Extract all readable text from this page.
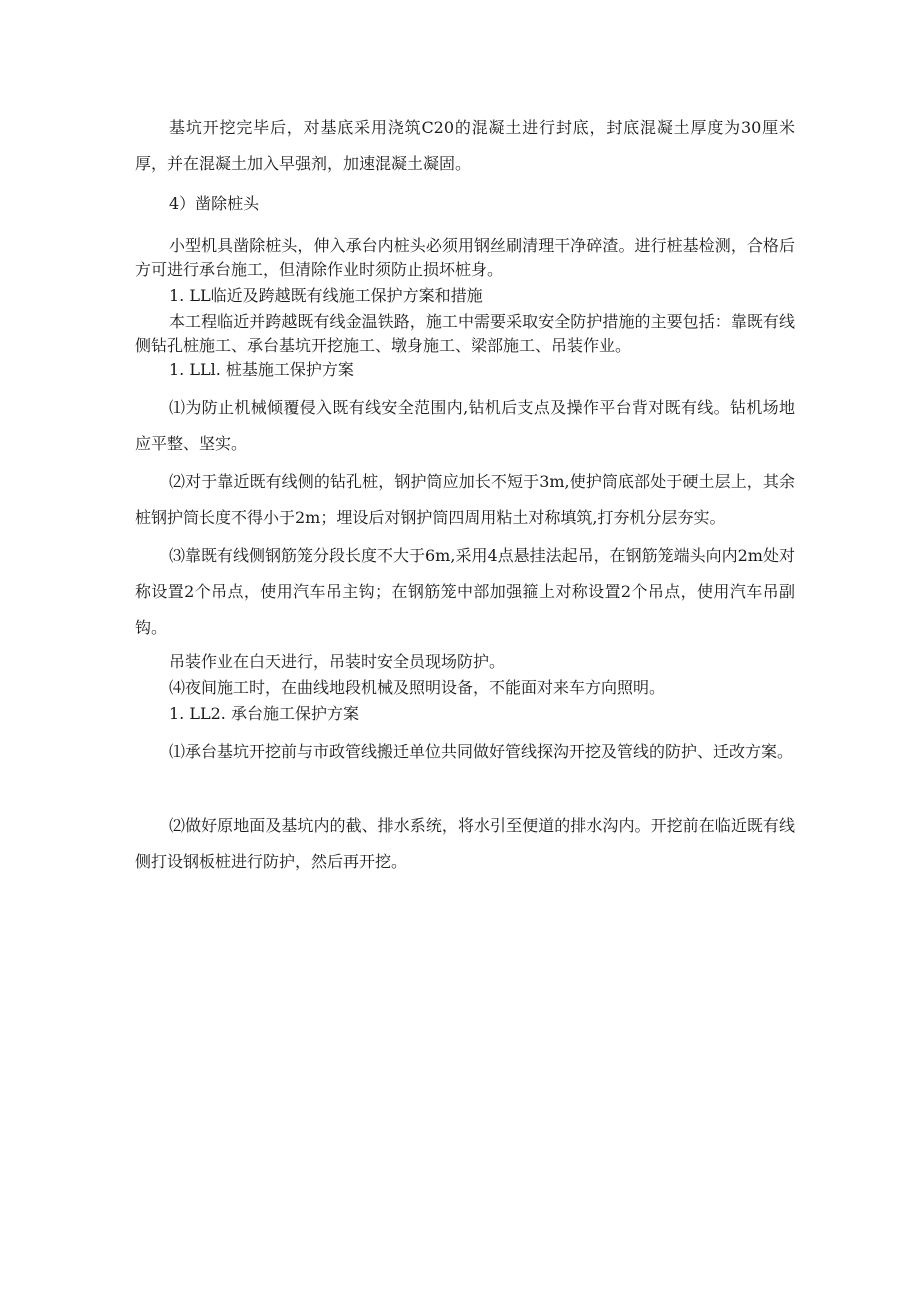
基坑开挖完毕后，对基底采用浇筑C20的混凝土进行封底，封底混凝土厚度为30厘米厚，并在混凝土加入早强剂，加速混凝土凝固。

4）凿除桩头

小型机具凿除桩头，伸入承台内桩头必须用钢丝刷清理干净碎渣。进行桩基检测，合格后方可进行承台施工，但清除作业时须防止损坏桩身。

1. LL临近及跨越既有线施工保护方案和措施

本工程临近并跨越既有线金温铁路，施工中需要采取安全防护措施的主要包括：靠既有线侧钻孔桩施工、承台基坑开挖施工、墩身施工、梁部施工、吊装作业。

1. LLl. 桩基施工保护方案

⑴为防止机械倾覆侵入既有线安全范围内,钻机后支点及操作平台背对既有线。钻机场地应平整、坚实。

⑵对于靠近既有线侧的钻孔桩，钢护筒应加长不短于3m,使护筒底部处于硬土层上，其余桩钢护筒长度不得小于2m；埋设后对钢护筒四周用粘土对称填筑,打夯机分层夯实。

⑶靠既有线侧钢筋笼分段长度不大于6m,采用4点悬挂法起吊，在钢筋笼端头向内2m处对称设置2个吊点，使用汽车吊主钩；在钢筋笼中部加强箍上对称设置2个吊点，使用汽车吊副钩。

吊装作业在白天进行，吊装时安全员现场防护。

⑷夜间施工时，在曲线地段机械及照明设备，不能面对来车方向照明。

1. LL2. 承台施工保护方案

⑴承台基坑开挖前与市政管线搬迁单位共同做好管线探沟开挖及管线的防护、迁改方案。

⑵做好原地面及基坑内的截、排水系统，将水引至便道的排水沟内。开挖前在临近既有线侧打设钢板桩进行防护，然后再开挖。
